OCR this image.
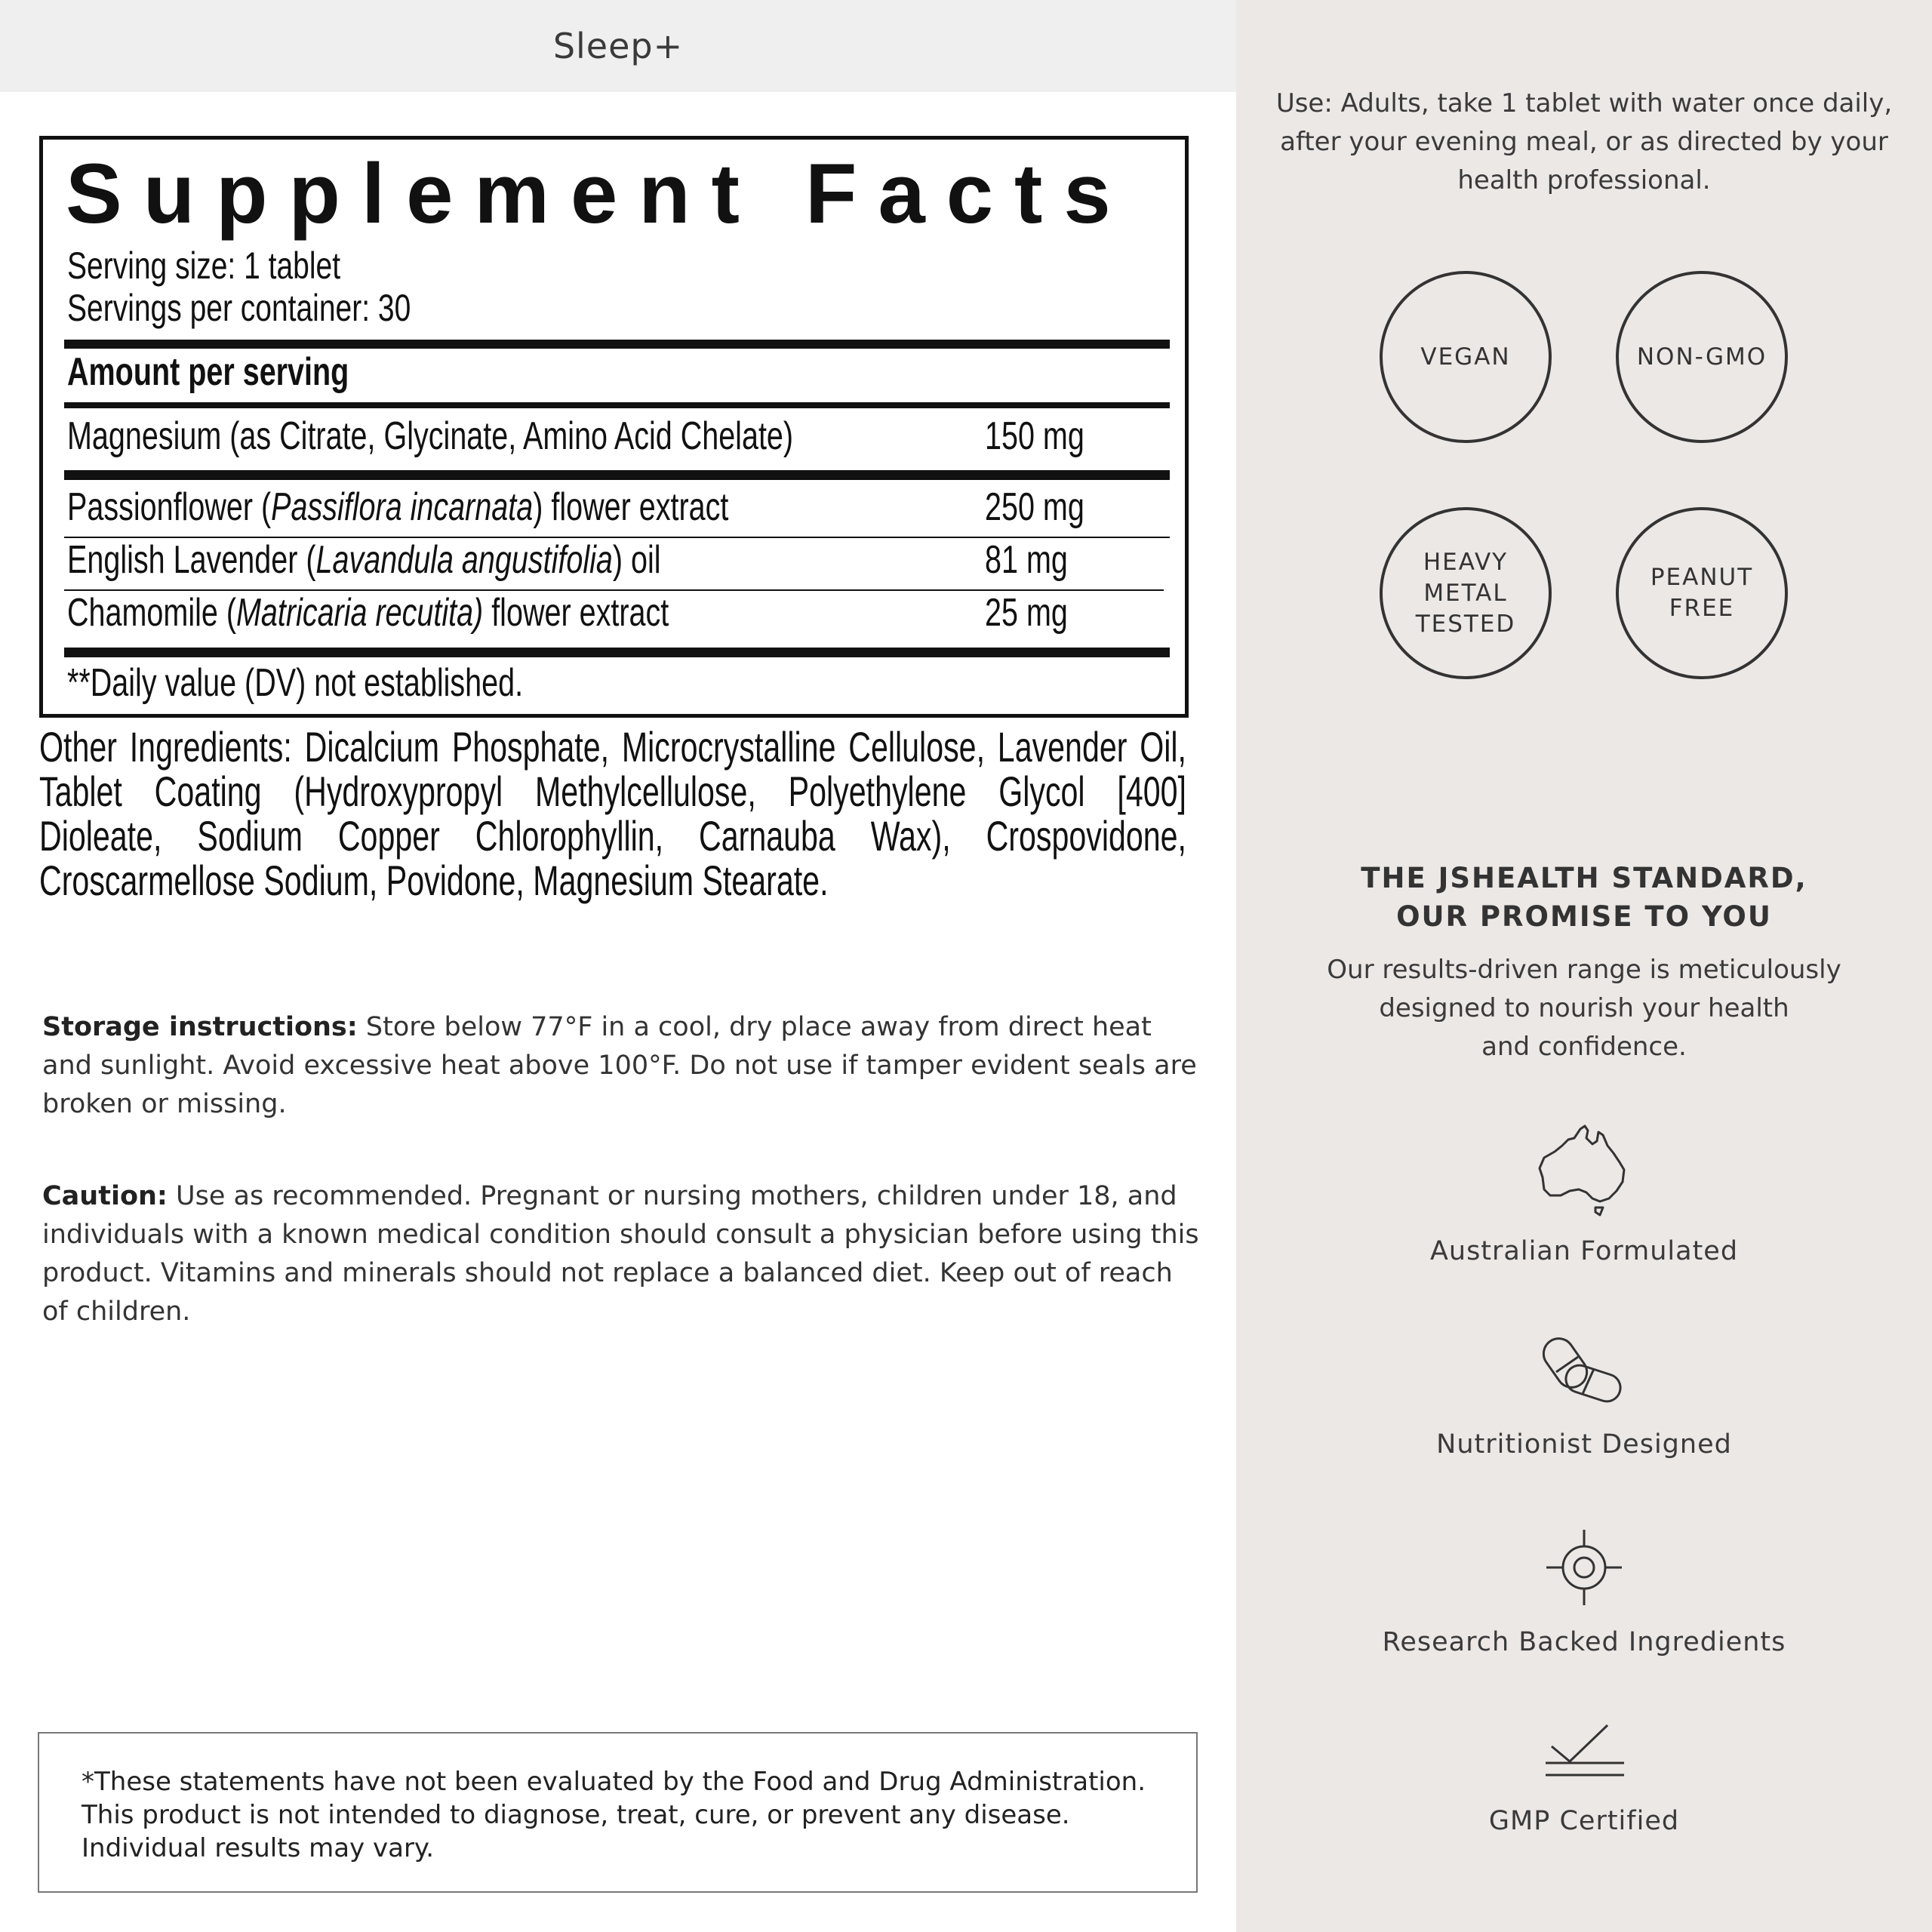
Sleep+
Supplement Facts
Serving size: 1 tablet
Servings per container: 30
Amount per serving
Magnesium (as Citrate, Glycinate, Amino Acid Chelate)	150 mg
Passionflower (Passiflora incarnata) flower extract	250 mg
English Lavender (Lavandula angustifolia) oil	81 mg
Chamomile (Matricaria recutita) flower extract	25 mg
**Daily value (DV) not established.
Other Ingredients: Dicalcium Phosphate, Microcrystalline Cellulose, Lavender Oil,
Tablet Coating (Hydroxypropyl Methylcellulose, Polyethylene Glycol [400]
Dioleate, Sodium Copper Chlorophyllin, Carnauba Wax), Crospovidone,
Croscarmellose Sodium, Povidone, Magnesium Stearate.
Storage instructions: Store below 77°F in a cool, dry place away from direct heat and sunlight. Avoid excessive heat above 100°F. Do not use if tamper evident seals are broken or missing.
Caution: Use as recommended. Pregnant or nursing mothers, children under 18, and individuals with a known medical condition should consult a physician before using this product. Vitamins and minerals should not replace a balanced diet. Keep out of reach of children.
*These statements have not been evaluated by the Food and Drug Administration. This product is not intended to diagnose, treat, cure, or prevent any disease. Individual results may vary.
Use: Adults, take 1 tablet with water once daily, after your evening meal, or as directed by your health professional.
VEGAN	NON-GMO
HEAVY
METAL
TESTED
PEANUT
FREE
THE JSHEALTH STANDARD,
OUR PROMISE TO YOU
Our results-driven range is meticulously
designed to nourish your health
and confidence.
Australian Formulated
Nutritionist Designed
Research Backed Ingredients
GMP Certified
